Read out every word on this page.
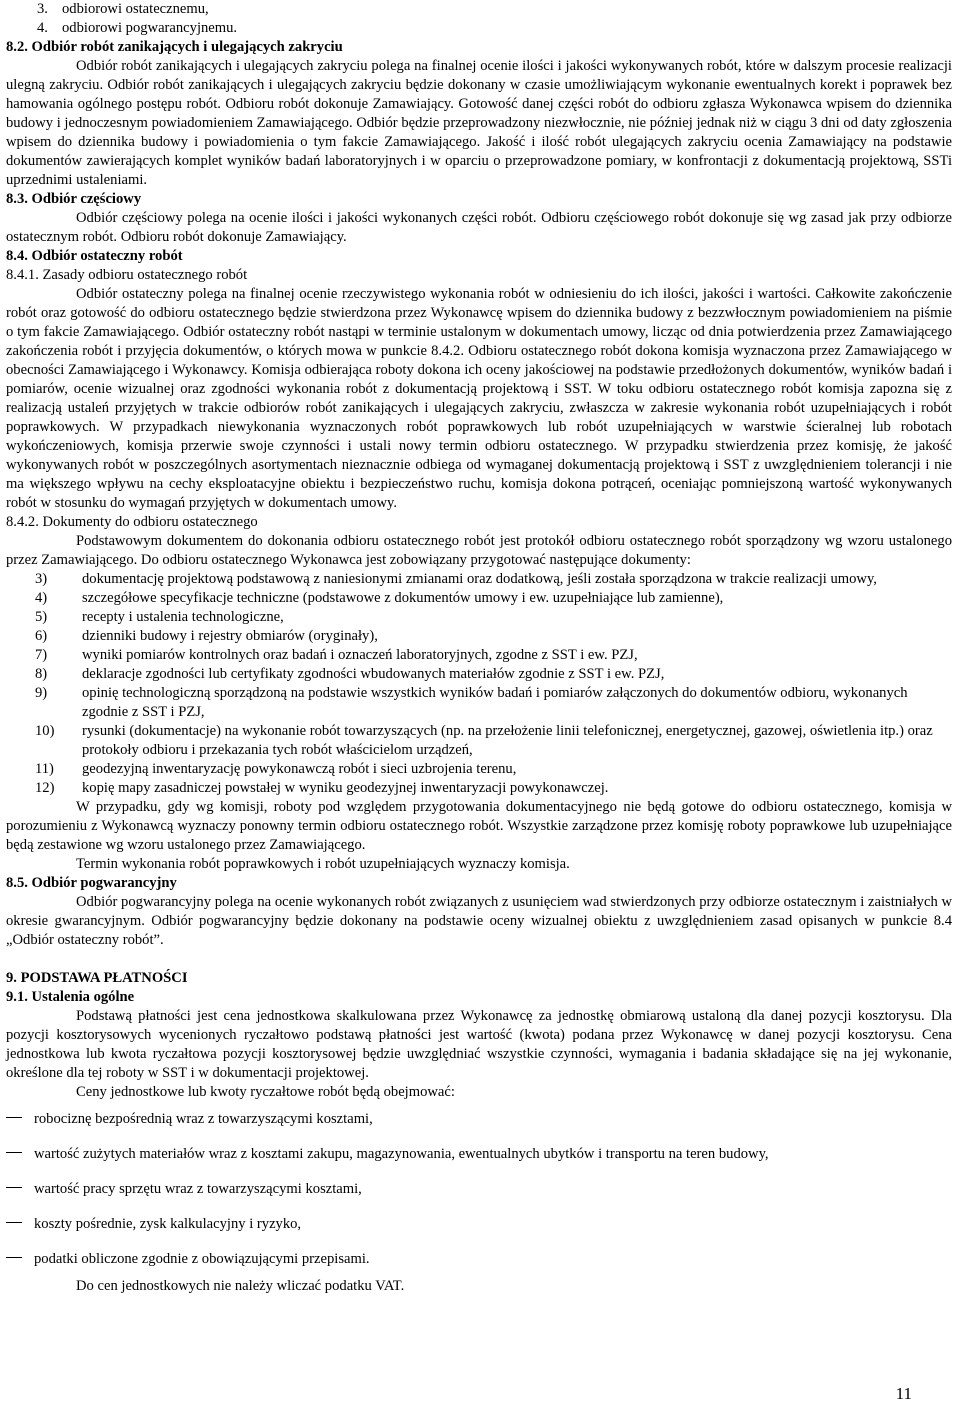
3. odbiorowi ostatecznemu,
4. odbiorowi pogwarancyjnemu.

8.2. Odbiór robót zanikających i ulegających zakryciu

Odbiór robót zanikających i ulegających zakryciu polega na finalnej ocenie ilości i jakości wykonywanych robót, które w dalszym procesie realizacji ulegną zakryciu. Odbiór robót zanikających i ulegających zakryciu będzie dokonany w czasie umożliwiającym wykonanie ewentualnych korekt i poprawek bez hamowania ogólnego postępu robót. Odbioru robót dokonuje Zamawiający. Gotowość danej części robót do odbioru zgłasza Wykonawca wpisem do dziennika budowy i jednoczesnym powiadomieniem Zamawiającego. Odbiór będzie przeprowadzony niezwłocznie, nie później jednak niż w ciągu 3 dni od daty zgłoszenia wpisem do dziennika budowy i powiadomienia o tym fakcie Zamawiającego. Jakość i ilość robót ulegających zakryciu ocenia Zamawiający na podstawie dokumentów zawierających komplet wyników badań laboratoryjnych i w oparciu o przeprowadzone pomiary, w konfrontacji z dokumentacją projektową, SSTi uprzednimi ustaleniami.

8.3. Odbiór częściowy

Odbiór częściowy polega na ocenie ilości i jakości wykonanych części robót. Odbioru częściowego robót dokonuje się wg zasad jak przy odbiorze ostatecznym robót. Odbioru robót dokonuje Zamawiający.

8.4. Odbiór ostateczny robót

8.4.1. Zasady odbioru ostatecznego robót

Odbiór ostateczny polega na finalnej ocenie rzeczywistego wykonania robót w odniesieniu do ich ilości, jakości i wartości. Całkowite zakończenie robót oraz gotowość do odbioru ostatecznego będzie stwierdzona przez Wykonawcę wpisem do dziennika budowy z bezzwłocznym powiadomieniem na piśmie o tym fakcie Zamawiającego. Odbiór ostateczny robót nastąpi w terminie ustalonym w dokumentach umowy, licząc od dnia potwierdzenia przez Zamawiającego zakończenia robót i przyjęcia dokumentów, o których mowa w punkcie 8.4.2. Odbioru ostatecznego robót dokona komisja wyznaczona przez Zamawiającego w obecności Zamawiającego i Wykonawcy. Komisja odbierająca roboty dokona ich oceny jakościowej na podstawie przedłożonych dokumentów, wyników badań i pomiarów, ocenie wizualnej oraz zgodności wykonania robót z dokumentacją projektową i SST. W toku odbioru ostatecznego robót komisja zapozna się z realizacją ustaleń przyjętych w trakcie odbiorów robót zanikających i ulegających zakryciu, zwłaszcza w zakresie wykonania robót uzupełniających i robót poprawkowych. W przypadkach niewykonania wyznaczonych robót poprawkowych lub robót uzupełniających w warstwie ścieralnej lub robotach wykończeniowych, komisja przerwie swoje czynności i ustali nowy termin odbioru ostatecznego. W przypadku stwierdzenia przez komisję, że jakość wykonywanych robót w poszczególnych asortymentach nieznacznie odbiega od wymaganej dokumentacją projektową i SST z uwzględnieniem tolerancji i nie ma większego wpływu na cechy eksploatacyjne obiektu i bezpieczeństwo ruchu, komisja dokona potrąceń, oceniając pomniejszoną wartość wykonywanych robót w stosunku do wymagań przyjętych w dokumentach umowy.

8.4.2. Dokumenty do odbioru ostatecznego

Podstawowym dokumentem do dokonania odbioru ostatecznego robót jest protokół odbioru ostatecznego robót sporządzony wg wzoru ustalonego przez Zamawiającego. Do odbioru ostatecznego Wykonawca jest zobowiązany przygotować następujące dokumenty:

3)	dokumentację projektową podstawową z naniesionymi zmianami oraz dodatkową, jeśli została sporządzona w trakcie realizacji umowy,
4)	szczegółowe specyfikacje techniczne (podstawowe z dokumentów umowy i ew. uzupełniające lub zamienne),
5)	recepty i ustalenia technologiczne,
6)	dzienniki budowy i rejestry obmiarów (oryginały),
7)	wyniki pomiarów kontrolnych oraz badań i oznaczeń laboratoryjnych, zgodne z SST i ew. PZJ,
8)	deklaracje zgodności lub certyfikaty zgodności wbudowanych materiałów zgodnie z SST i ew. PZJ,
9)	opinię technologiczną sporządzoną na podstawie wszystkich wyników badań i pomiarów załączonych do dokumentów odbioru, wykonanych zgodnie z SST i PZJ,
10)	rysunki (dokumentacje) na wykonanie robót towarzyszących (np. na przełożenie linii telefonicznej, energetycznej, gazowej, oświetlenia itp.) oraz protokoły odbioru i przekazania tych robót właścicielom urządzeń,
11)	geodezyjną inwentaryzację powykonawczą robót i sieci uzbrojenia terenu,
12)	kopię mapy zasadniczej powstałej w wyniku geodezyjnej inwentaryzacji powykonawczej.

W przypadku, gdy wg komisji, roboty pod względem przygotowania dokumentacyjnego nie będą gotowe do odbioru ostatecznego, komisja w porozumieniu z Wykonawcą wyznaczy ponowny termin odbioru ostatecznego robót. Wszystkie zarządzone przez komisję roboty poprawkowe lub uzupełniające będą zestawione wg wzoru ustalonego przez Zamawiającego.

Termin wykonania robót poprawkowych i robót uzupełniających wyznaczy komisja.

8.5. Odbiór pogwarancyjny

Odbiór pogwarancyjny polega na ocenie wykonanych robót związanych z usunięciem wad stwierdzonych przy odbiorze ostatecznym i zaistniałych w okresie gwarancyjnym. Odbiór pogwarancyjny będzie dokonany na podstawie oceny wizualnej obiektu z uwzględnieniem zasad opisanych w punkcie 8.4 „Odbiór ostateczny robót”.

9. PODSTAWA PŁATNOŚCI

9.1. Ustalenia ogólne

Podstawą płatności jest cena jednostkowa skalkulowana przez Wykonawcę za jednostkę obmiarową ustaloną dla danej pozycji kosztorysu. Dla pozycji kosztorysowych wycenionych ryczałtowo podstawą płatności jest wartość (kwota) podana przez Wykonawcę w danej pozycji kosztorysu. Cena jednostkowa lub kwota ryczałtowa pozycji kosztorysowej będzie uwzględniać wszystkie czynności, wymagania i badania składające się na jej wykonanie, określone dla tej roboty w SST i w dokumentacji projektowej.

Ceny jednostkowe lub kwoty ryczałtowe robót będą obejmować:

robociznę bezpośrednią wraz z towarzyszącymi kosztami,
wartość zużytych materiałów wraz z kosztami zakupu, magazynowania, ewentualnych ubytków i transportu na teren budowy,
wartość pracy sprzętu wraz z towarzyszącymi kosztami,
koszty pośrednie, zysk kalkulacyjny i ryzyko,
podatki obliczone zgodnie z obowiązującymi przepisami.

Do cen jednostkowych nie należy wliczać podatku VAT.

11
